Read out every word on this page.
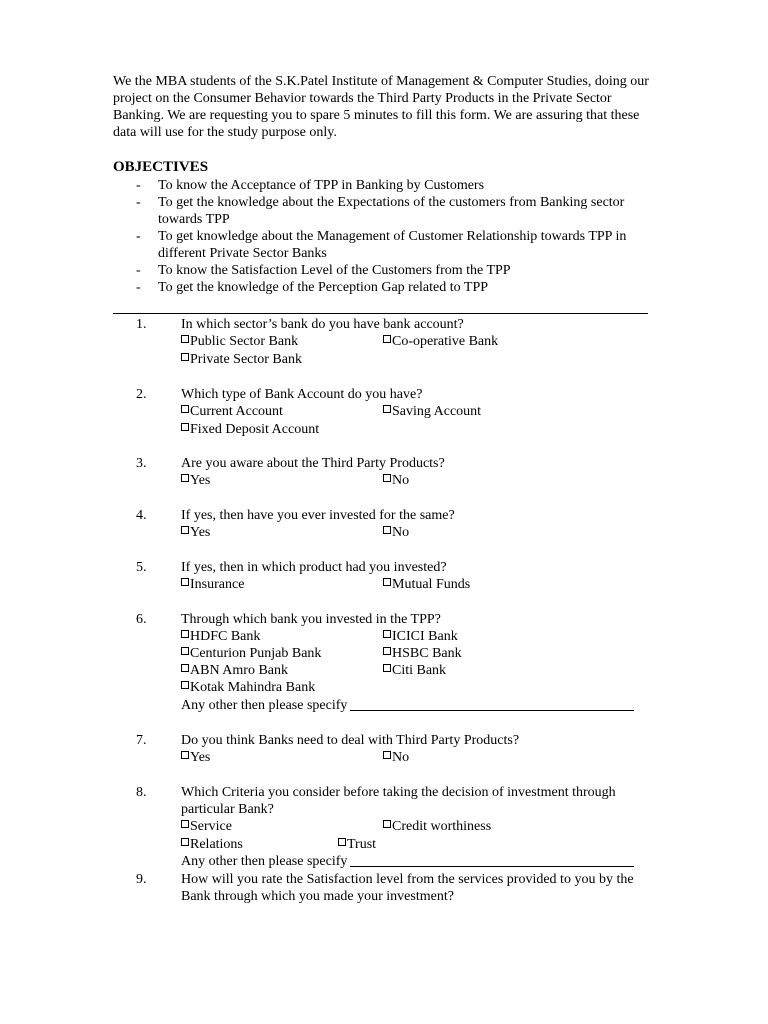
We the MBA students of the S.K.Patel Institute of Management & Computer Studies, doing our project on the Consumer Behavior towards the Third Party Products in the Private Sector Banking. We are requesting you to spare 5 minutes to fill this form. We are assuring that these data will use for the study purpose only.
OBJECTIVES
-	To know the Acceptance of TPP in Banking by Customers
-	To get the knowledge about the Expectations of the customers from Banking sector towards TPP
-	To get knowledge about the Management of Customer Relationship towards TPP in different Private Sector Banks
-	To know the Satisfaction Level of the Customers from the TPP
-	To get the knowledge of the Perception Gap related to TPP
1. In which sector’s bank do you have bank account?
Public Sector Bank	Co-operative Bank
Private Sector Bank
2. Which type of Bank Account do you have?
Current Account	Saving Account
Fixed Deposit Account
3. Are you aware about the Third Party Products?
Yes	No
4. If yes, then have you ever invested for the same?
Yes	No
5. If yes, then in which product had you invested?
Insurance	Mutual Funds
6. Through which bank you invested in the TPP?
HDFC Bank	ICICI Bank
Centurion Punjab Bank	HSBC Bank
ABN Amro Bank	Citi Bank
Kotak Mahindra Bank
Any other then please specify
7. Do you think Banks need to deal with Third Party Products?
Yes	No
8. Which Criteria you consider before taking the decision of investment through particular Bank?
Service	Credit worthiness
Relations	Trust
Any other then please specify
9. How will you rate the Satisfaction level from the services provided to you by the Bank through which you made your investment?
